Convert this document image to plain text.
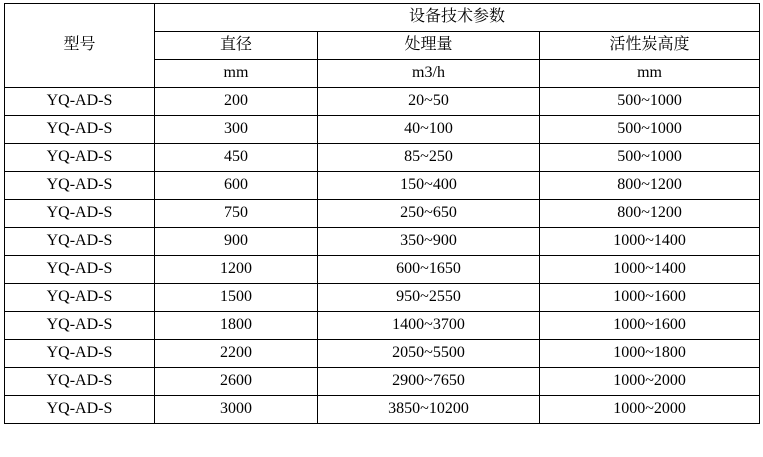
型号	设备技术参数		
	直径	处理量	活性炭高度
	mm	m3/h	mm
YQ-AD-S	200	20~50	500~1000
YQ-AD-S	300	40~100	500~1000
YQ-AD-S	450	85~250	500~1000
YQ-AD-S	600	150~400	800~1200
YQ-AD-S	750	250~650	800~1200
YQ-AD-S	900	350~900	1000~1400
YQ-AD-S	1200	600~1650	1000~1400
YQ-AD-S	1500	950~2550	1000~1600
YQ-AD-S	1800	1400~3700	1000~1600
YQ-AD-S	2200	2050~5500	1000~1800
YQ-AD-S	2600	2900~7650	1000~2000
YQ-AD-S	3000	3850~10200	1000~2000
